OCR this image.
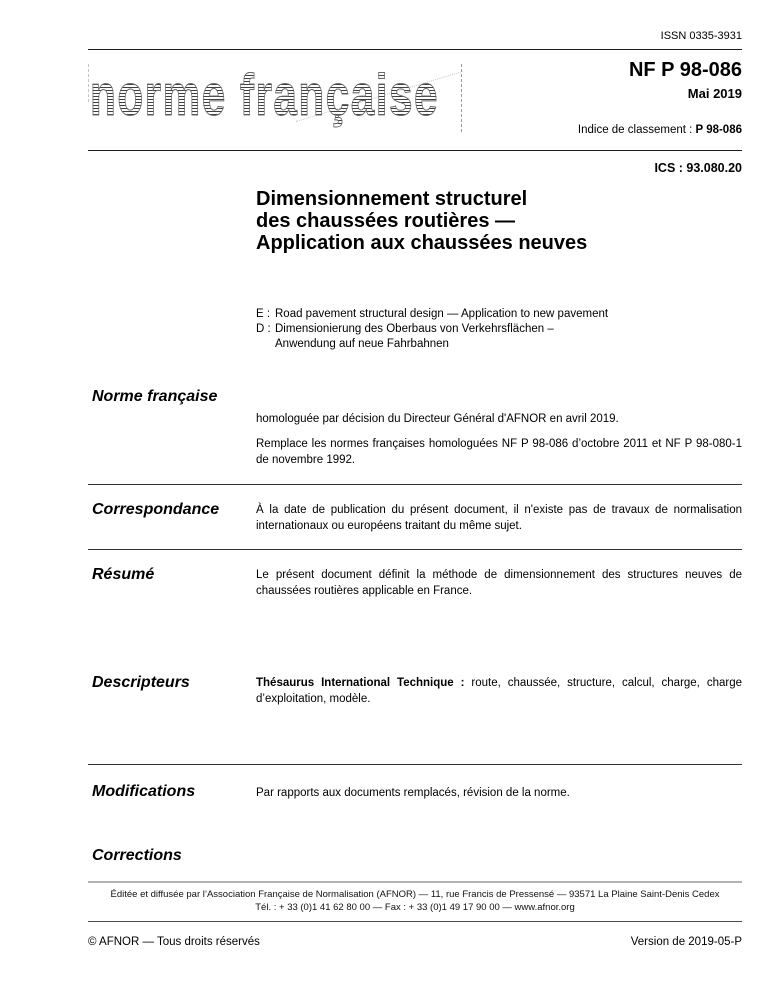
ISSN 0335-3931
norme française	NF P 98-086
Mai 2019
Indice de classement : P 98-086
ICS : 93.080.20
Dimensionnement structurel
des chaussées routières —
Application aux chaussées neuves
E : Road pavement structural design — Application to new pavement
D : Dimensionierung des Oberbaus von Verkehrsflächen –
Anwendung auf neue Fahrbahnen
Norme française
homologuée par décision du Directeur Général d'AFNOR en avril 2019.
Remplace les normes françaises homologuées NF P 98-086 d’octobre 2011 et NF P 98-080-1 de novembre 1992.
Correspondance	À la date de publication du présent document, il n'existe pas de travaux de normalisation internationaux ou européens traitant du même sujet.
Résumé	Le présent document définit la méthode de dimensionnement des structures neuves de chaussées routières applicable en France.
Descripteurs	Thésaurus International Technique : route, chaussée, structure, calcul, charge, charge d’exploitation, modèle.
Modifications	Par rapports aux documents remplacés, révision de la norme.
Corrections
Éditée et diffusée par l’Association Française de Normalisation (AFNOR) — 11, rue Francis de Pressensé — 93571 La Plaine Saint-Denis Cedex
Tél. : + 33 (0)1 41 62 80 00 — Fax : + 33 (0)1 49 17 90 00 — www.afnor.org
© AFNOR — Tous droits réservés	Version de 2019-05-P
